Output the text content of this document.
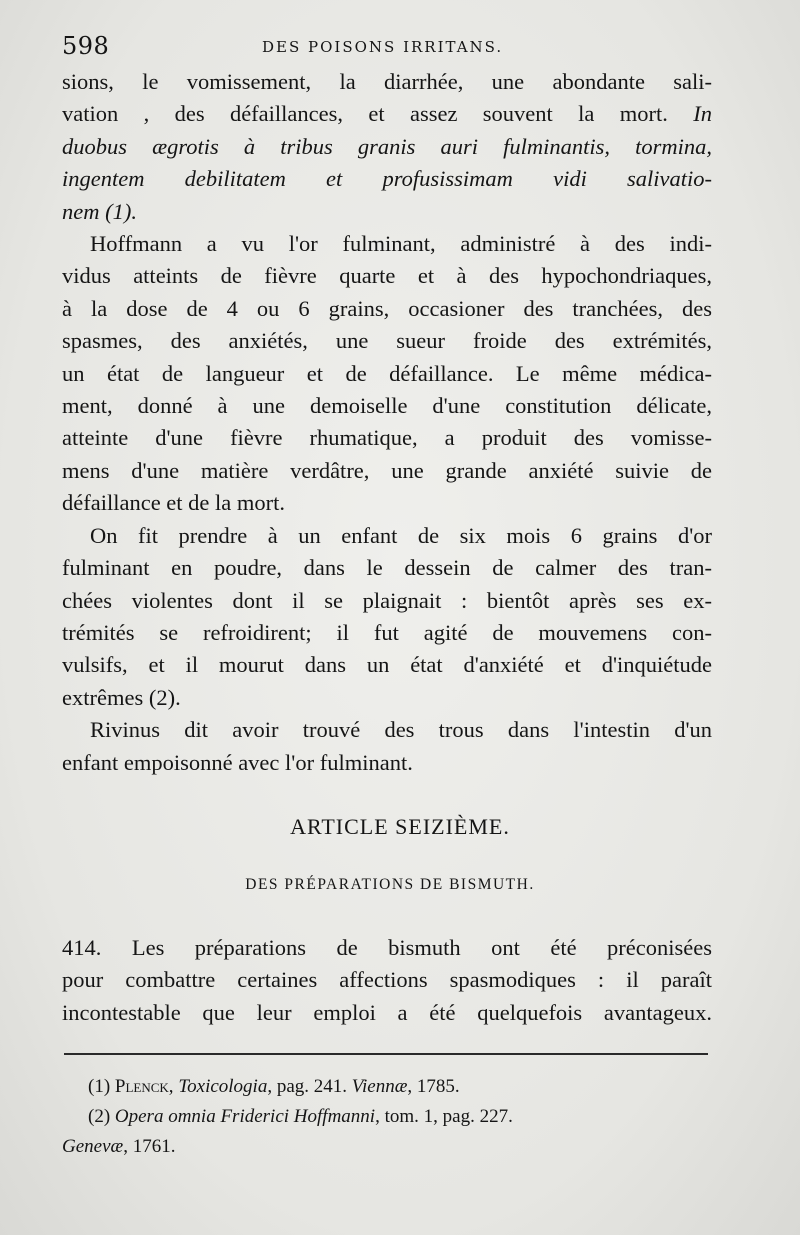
598	DES POISONS IRRITANS.
sions, le vomissement, la diarrhée, une abondante sali-
vation , des défaillances, et assez souvent la mort. In
duobus ægrotis à tribus granis auri fulminantis, tormina,
ingentem debilitatem et profusissimam vidi salivatio-
nem (1).
Hoffmann a vu l'or fulminant, administré à des indi-
vidus atteints de fièvre quarte et à des hypochondriaques,
à la dose de 4 ou 6 grains, occasioner des tranchées, des
spasmes, des anxiétés, une sueur froide des extrémités,
un état de langueur et de défaillance. Le même médica-
ment, donné à une demoiselle d'une constitution délicate,
atteinte d'une fièvre rhumatique, a produit des vomisse-
mens d'une matière verdâtre, une grande anxiété suivie de
défaillance et de la mort.
On fit prendre à un enfant de six mois 6 grains d'or
fulminant en poudre, dans le dessein de calmer des tran-
chées violentes dont il se plaignait : bientôt après ses ex-
trémités se refroidirent; il fut agité de mouvemens con-
vulsifs, et il mourut dans un état d'anxiété et d'inquiétude
extrêmes (2).
Rivinus dit avoir trouvé des trous dans l'intestin d'un
enfant empoisonné avec l'or fulminant.
ARTICLE SEIZIÈME.
DES PRÉPARATIONS DE BISMUTH.
414. Les préparations de bismuth ont été préconisées
pour combattre certaines affections spasmodiques : il paraît
incontestable que leur emploi a été quelquefois avantageux.
(1) Plenck, Toxicologia, pag. 241. Viennæ, 1785.
(2) Opera omnia Friderici Hoffmanni, tom. 1, pag. 227.
Genevæ, 1761.
